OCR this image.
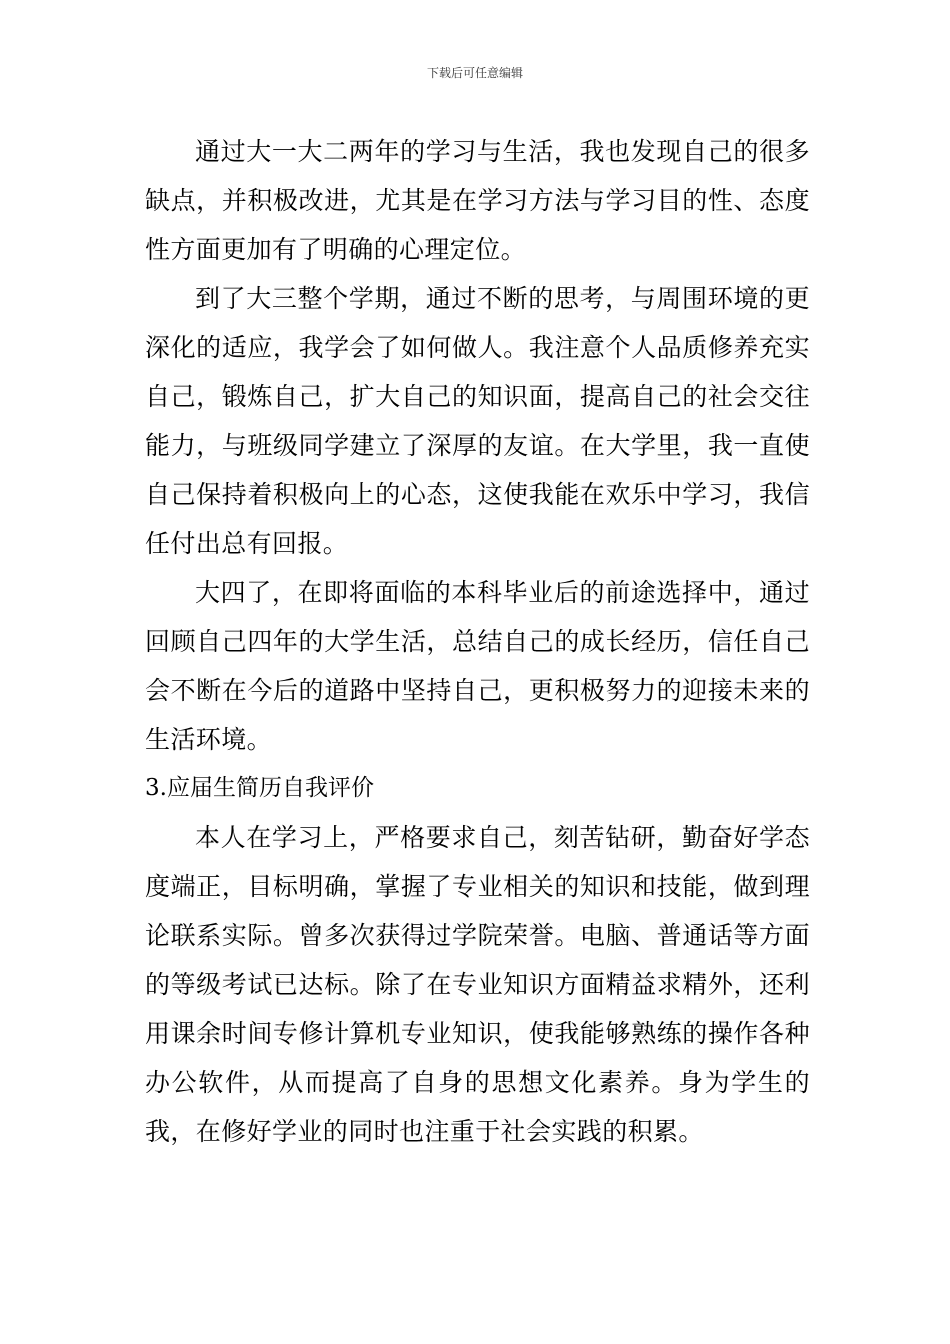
下载后可任意编辑

通过大一大二两年的学习与生活，我也发现自己的很多缺点，并积极改进，尤其是在学习方法与学习目的性、态度性方面更加有了明确的心理定位。

到了大三整个学期，通过不断的思考，与周围环境的更深化的适应，我学会了如何做人。我注意个人品质修养充实自己，锻炼自己，扩大自己的知识面，提高自己的社会交往能力，与班级同学建立了深厚的友谊。在大学里，我一直使自己保持着积极向上的心态，这使我能在欢乐中学习，我信任付出总有回报。

大四了，在即将面临的本科毕业后的前途选择中，通过回顾自己四年的大学生活，总结自己的成长经历，信任自己会不断在今后的道路中坚持自己，更积极努力的迎接未来的生活环境。

3.应届生简历自我评价

本人在学习上，严格要求自己，刻苦钻研，勤奋好学态度端正，目标明确，掌握了专业相关的知识和技能，做到理论联系实际。曾多次获得过学院荣誉。电脑、普通话等方面的等级考试已达标。除了在专业知识方面精益求精外，还利用课余时间专修计算机专业知识，使我能够熟练的操作各种办公软件，从而提高了自身的思想文化素养。身为学生的我，在修好学业的同时也注重于社会实践的积累。
